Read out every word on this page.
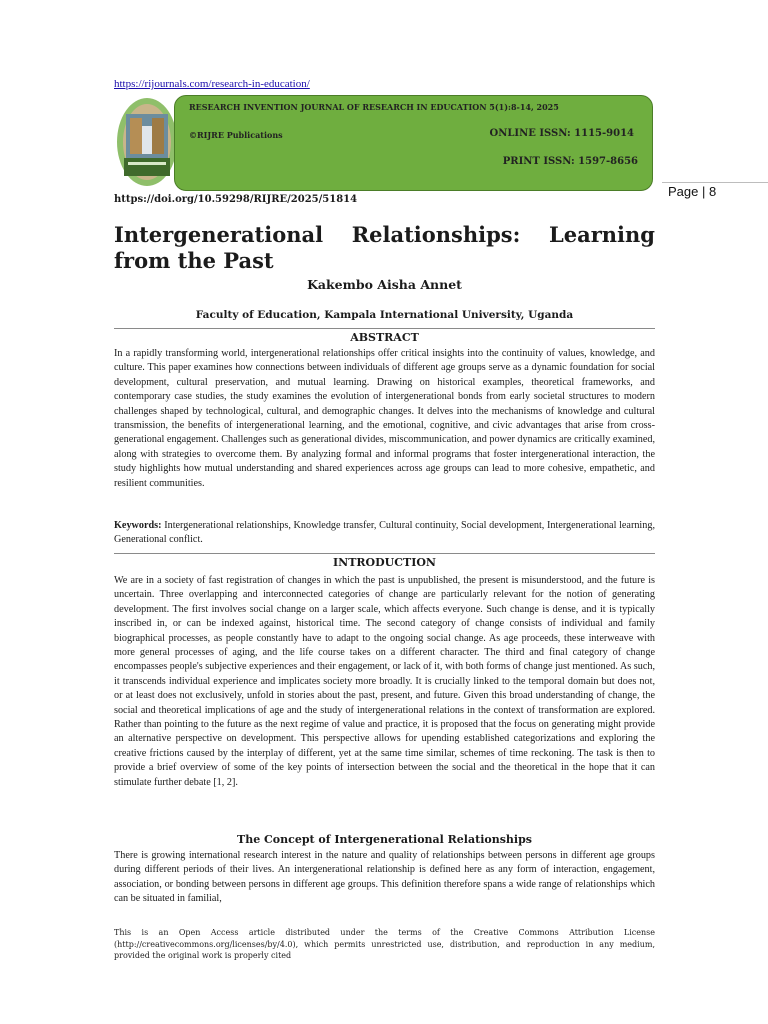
https://rijournals.com/research-in-education/
RESEARCH INVENTION JOURNAL OF RESEARCH IN EDUCATION 5(1):8-14, 2025
©RIJRE Publications	ONLINE ISSN: 1115-9014
PRINT ISSN: 1597-8656
https://doi.org/10.59298/RIJRE/2025/51814
Page | 8
Intergenerational Relationships: Learning from the Past
Kakembo Aisha Annet
Faculty of Education, Kampala International University, Uganda
ABSTRACT

In a rapidly transforming world, intergenerational relationships offer critical insights into the continuity of values, knowledge, and culture. This paper examines how connections between individuals of different age groups serve as a dynamic foundation for social development, cultural preservation, and mutual learning. Drawing on historical examples, theoretical frameworks, and contemporary case studies, the study examines the evolution of intergenerational bonds from early societal structures to modern challenges shaped by technological, cultural, and demographic changes. It delves into the mechanisms of knowledge and cultural transmission, the benefits of intergenerational learning, and the emotional, cognitive, and civic advantages that arise from cross-generational engagement. Challenges such as generational divides, miscommunication, and power dynamics are critically examined, along with strategies to overcome them. By analyzing formal and informal programs that foster intergenerational interaction, the study highlights how mutual understanding and shared experiences across age groups can lead to more cohesive, empathetic, and resilient communities.

Keywords: Intergenerational relationships, Knowledge transfer, Cultural continuity, Social development, Intergenerational learning, Generational conflict.

INTRODUCTION

We are in a society of fast registration of changes in which the past is unpublished, the present is misunderstood, and the future is uncertain. Three overlapping and interconnected categories of change are particularly relevant for the notion of generating development. The first involves social change on a larger scale, which affects everyone. Such change is dense, and it is typically inscribed in, or can be indexed against, historical time. The second category of change consists of individual and family biographical processes, as people constantly have to adapt to the ongoing social change. As age proceeds, these interweave with more general processes of aging, and the life course takes on a different character. The third and final category of change encompasses people's subjective experiences and their engagement, or lack of it, with both forms of change just mentioned. As such, it transcends individual experience and implicates society more broadly. It is crucially linked to the temporal domain but does not, or at least does not exclusively, unfold in stories about the past, present, and future. Given this broad understanding of change, the social and theoretical implications of age and the study of intergenerational relations in the context of transformation are explored. Rather than pointing to the future as the next regime of value and practice, it is proposed that the focus on generating might provide an alternative perspective on development. This perspective allows for upending established categorizations and exploring the creative frictions caused by the interplay of different, yet at the same time similar, schemes of time reckoning. The task is then to provide a brief overview of some of the key points of intersection between the social and the theoretical in the hope that it can stimulate further debate [1, 2].

The Concept of Intergenerational Relationships

There is growing international research interest in the nature and quality of relationships between persons in different age groups during different periods of their lives. An intergenerational relationship is defined here as any form of interaction, engagement, association, or bonding between persons in different age groups. This definition therefore spans a wide range of relationships which can be situated in familial,

This is an Open Access article distributed under the terms of the Creative Commons Attribution License (http://creativecommons.org/licenses/by/4.0), which permits unrestricted use, distribution, and reproduction in any medium, provided the original work is properly cited
